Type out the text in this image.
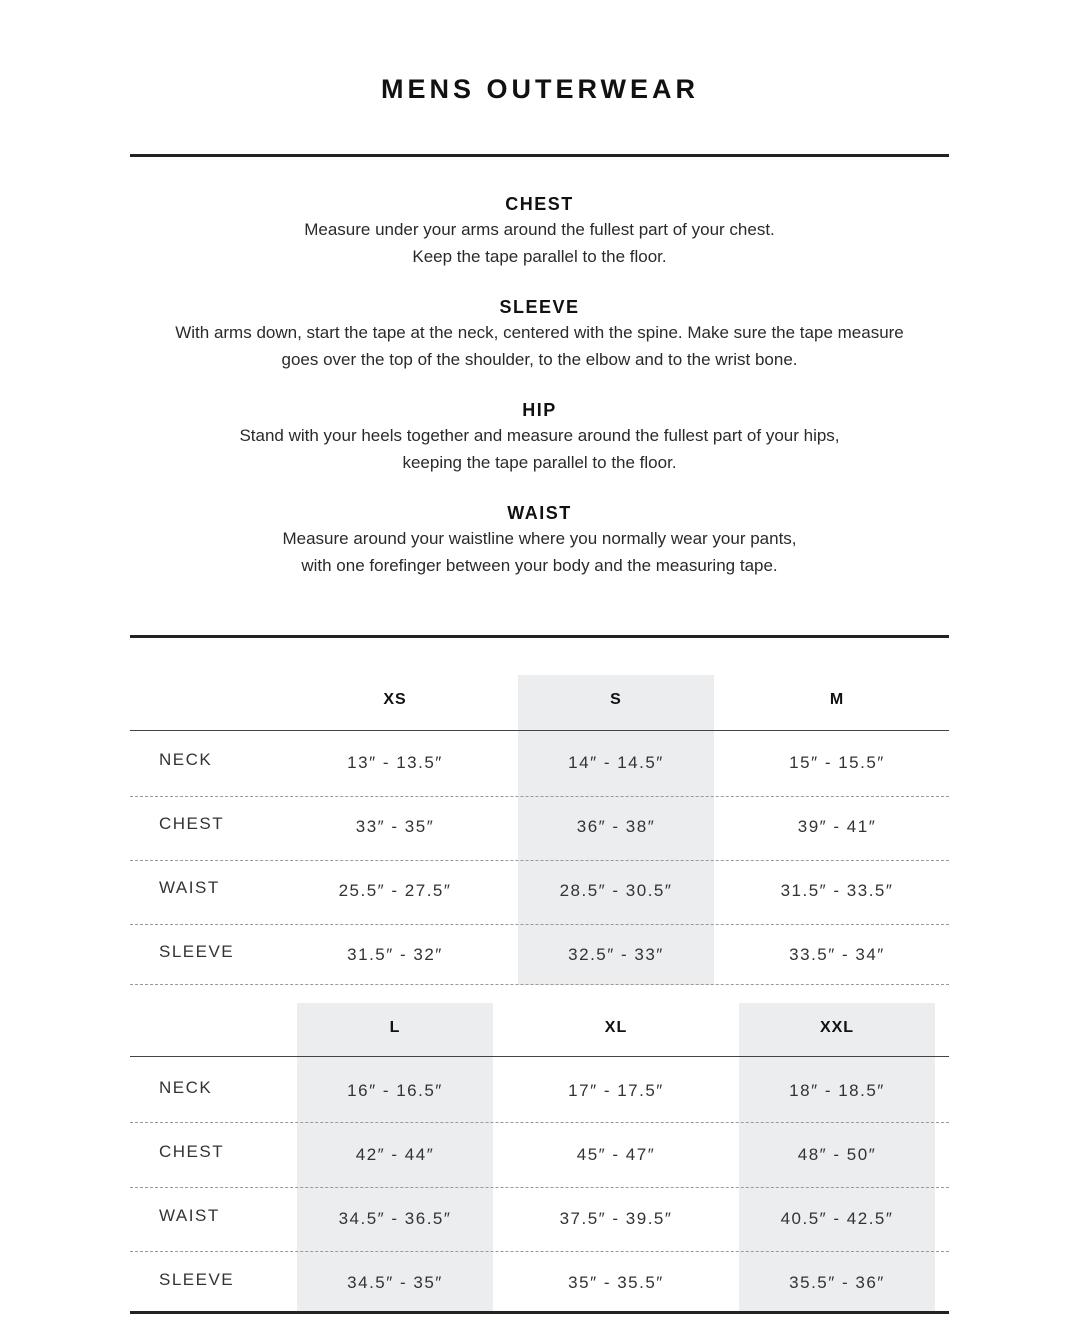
MENS OUTERWEAR
CHEST
Measure under your arms around the fullest part of your chest.
Keep the tape parallel to the floor.
SLEEVE
With arms down, start the tape at the neck, centered with the spine. Make sure the tape measure
goes over the top of the shoulder, to the elbow and to the wrist bone.
HIP
Stand with your heels together and measure around the fullest part of your hips,
keeping the tape parallel to the floor.
WAIST
Measure around your waistline where you normally wear your pants,
with one forefinger between your body and the measuring tape.
XS	S	M
NECK	13″ - 13.5″	14″ - 14.5″	15″ - 15.5″
CHEST	33″ - 35″	36″ - 38″	39″ - 41″
WAIST	25.5″ - 27.5″	28.5″ - 30.5″	31.5″ - 33.5″
SLEEVE	31.5″ - 32″	32.5″ - 33″	33.5″ - 34″
L	XL	XXL
NECK	16″ - 16.5″	17″ - 17.5″	18″ - 18.5″
CHEST	42″ - 44″	45″ - 47″	48″ - 50″
WAIST	34.5″ - 36.5″	37.5″ - 39.5″	40.5″ - 42.5″
SLEEVE	34.5″ - 35″	35″ - 35.5″	35.5″ - 36″
